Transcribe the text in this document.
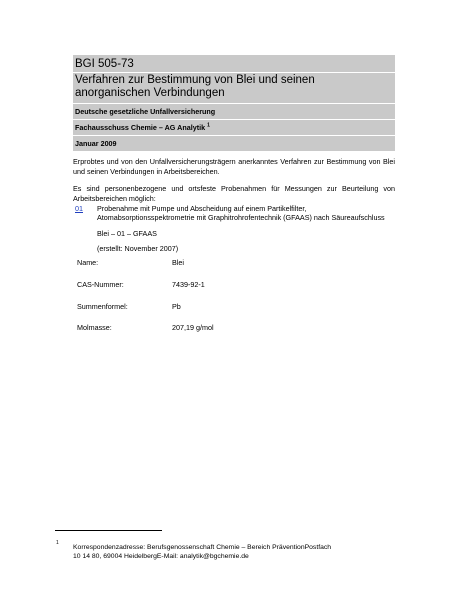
BGI 505-73
Verfahren zur Bestimmung von Blei und seinen anorganischen Verbindungen
Deutsche gesetzliche Unfallversicherung
Fachausschuss Chemie – AG Analytik $^1$
Januar 2009
Erprobtes und von den Unfallversicherungsträgern anerkanntes Verfahren zur Bestimmung von Blei und seinen Verbindungen in Arbeitsbereichen.
Es sind personenbezogene und ortsfeste Probenahmen für Messungen zur Beurteilung von Arbeitsbereichen möglich:
01 Probenahme mit Pumpe und Abscheidung auf einem Partikelfilter, Atomabsorptionsspektrometrie mit Graphitrohrofentechnik (GFAAS) nach Säureaufschluss
Blei – 01 – GFAAS
(erstellt: November 2007)
Name:	Blei
CAS-Nummer:	7439-92-1
Summenformel:	Pb
Molmasse:	207,19 g/mol
1
Korrespondenzadresse: Berufsgenossenschaft Chemie – Bereich PräventionPostfach 10 14 80, 69004 HeidelbergE-Mail: analytik@bgchemie.de
